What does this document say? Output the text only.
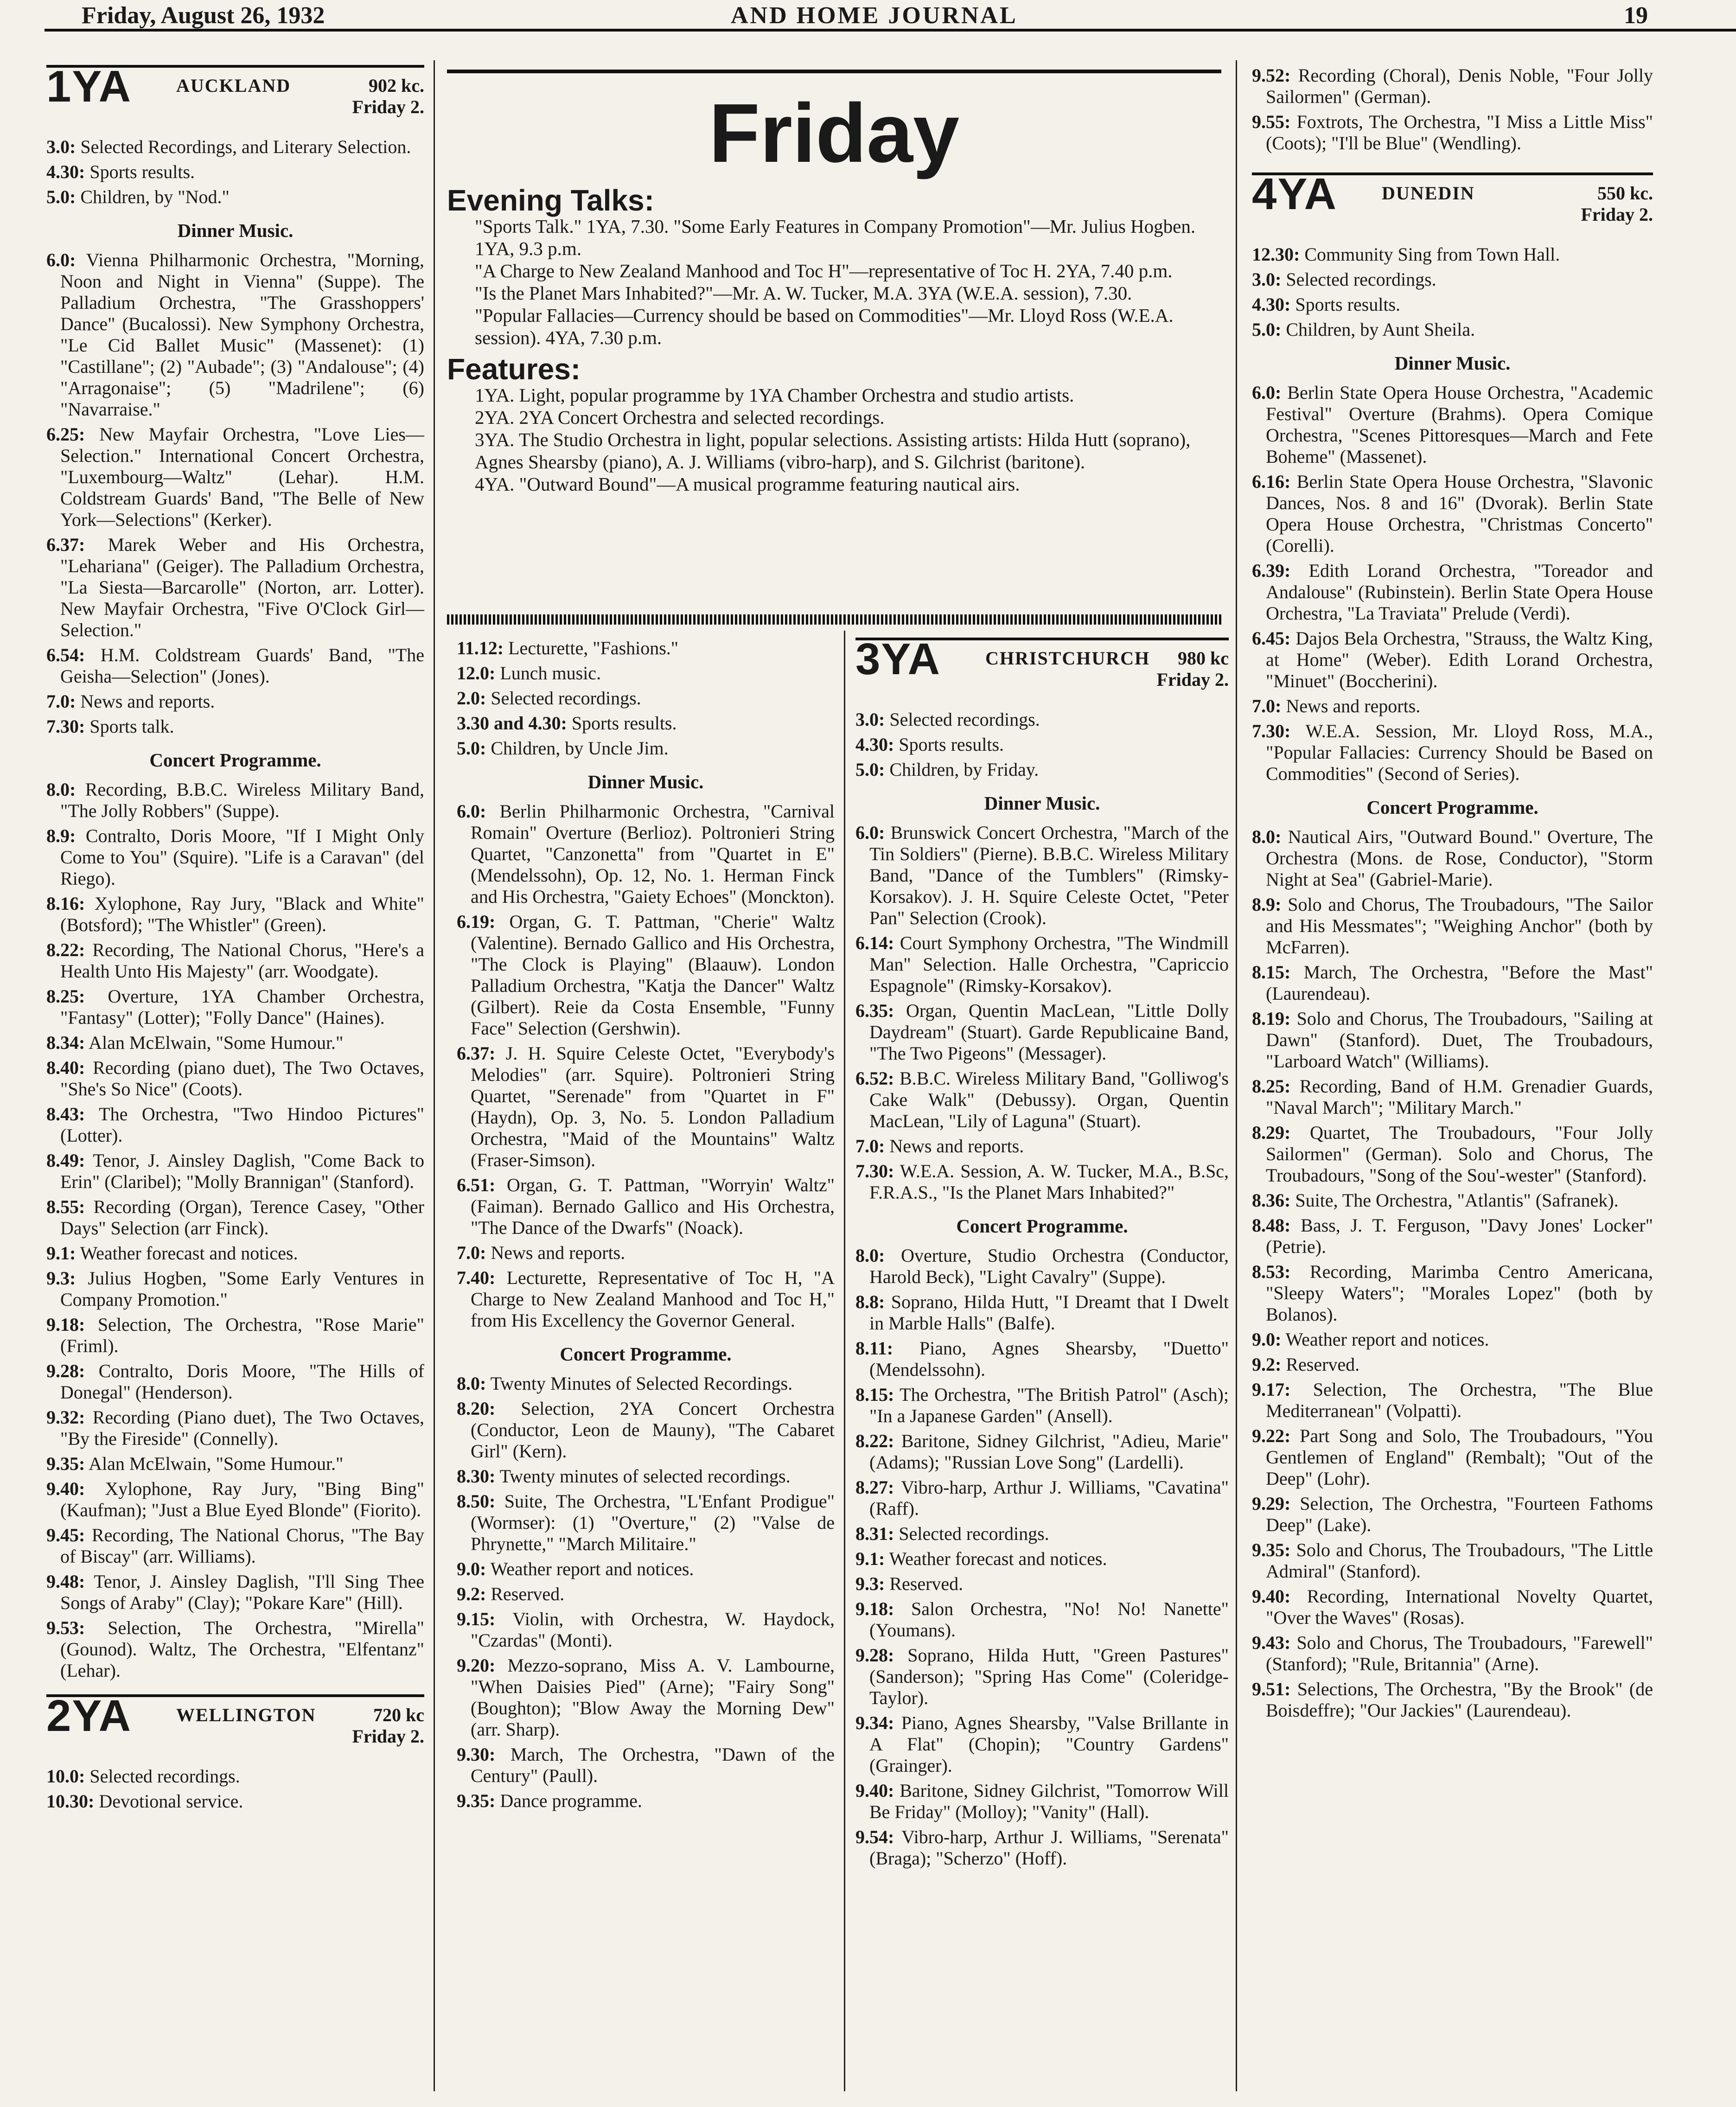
Friday, August 26, 1932	AND HOME JOURNAL	19
1YA AUCKLAND	902 kc.
Friday 2.

3.0: Selected Recordings, and Literary Selection.

4.30: Sports results.

5.0: Children, by "Nod."

Dinner Music.

6.0: Vienna Philharmonic Orchestra, "Morning, Noon and Night in Vienna" (Suppe). The Palladium Orchestra, "The Grasshoppers' Dance" (Bucalossi). New Symphony Orchestra, "Le Cid Ballet Music" (Massenet): (1) "Castillane"; (2) "Aubade"; (3) "Andalouse"; (4) "Arragonaise"; (5) "Madrilene"; (6) "Navarraise."

6.25: New Mayfair Orchestra, "Love Lies—Selection." International Concert Orchestra, "Luxembourg—Waltz" (Lehar). H.M. Coldstream Guards' Band, "The Belle of New York—Selections" (Kerker).

6.37: Marek Weber and His Orchestra, "Lehariana" (Geiger). The Palladium Orchestra, "La Siesta—Barcarolle" (Norton, arr. Lotter). New Mayfair Orchestra, "Five O'Clock Girl—Selection."

6.54: H.M. Coldstream Guards' Band, "The Geisha—Selection" (Jones).

7.0: News and reports.

7.30: Sports talk.

Concert Programme.

8.0: Recording, B.B.C. Wireless Military Band, "The Jolly Robbers" (Suppe).

8.9: Contralto, Doris Moore, "If I Might Only Come to You" (Squire). "Life is a Caravan" (del Riego).

8.16: Xylophone, Ray Jury, "Black and White" (Botsford); "The Whistler" (Green).

8.22: Recording, The National Chorus, "Here's a Health Unto His Majesty" (arr. Woodgate).

8.25: Overture, 1YA Chamber Orchestra, "Fantasy" (Lotter); "Folly Dance" (Haines).

8.34: Alan McElwain, "Some Humour."

8.40: Recording (piano duet), The Two Octaves, "She's So Nice" (Coots).

8.43: The Orchestra, "Two Hindoo Pictures" (Lotter).

8.49: Tenor, J. Ainsley Daglish, "Come Back to Erin" (Claribel); "Molly Brannigan" (Stanford).

8.55: Recording (Organ), Terence Casey, "Other Days" Selection (arr Finck).

9.1: Weather forecast and notices.

9.3: Julius Hogben, "Some Early Ventures in Company Promotion."

9.18: Selection, The Orchestra, "Rose Marie" (Friml).

9.28: Contralto, Doris Moore, "The Hills of Donegal" (Henderson).

9.32: Recording (Piano duet), The Two Octaves, "By the Fireside" (Connelly).

9.35: Alan McElwain, "Some Humour."

9.40: Xylophone, Ray Jury, "Bing Bing" (Kaufman); "Just a Blue Eyed Blonde" (Fiorito).

9.45: Recording, The National Chorus, "The Bay of Biscay" (arr. Williams).

9.48: Tenor, J. Ainsley Daglish, "I'll Sing Thee Songs of Araby" (Clay); "Pokare Kare" (Hill).

9.53: Selection, The Orchestra, "Mirella" (Gounod). Waltz, The Orchestra, "Elfentanz" (Lehar).

2YA WELLINGTON	720 kc
Friday 2.

10.0: Selected recordings.

10.30: Devotional service.

Friday
Evening Talks:

"Sports Talk." 1YA, 7.30. "Some Early Features in Company Promotion"—Mr. Julius Hogben. 1YA, 9.3 p.m.

"A Charge to New Zealand Manhood and Toc H"—representative of Toc H. 2YA, 7.40 p.m.

"Is the Planet Mars Inhabited?"—Mr. A. W. Tucker, M.A. 3YA (W.E.A. session), 7.30.

"Popular Fallacies—Currency should be based on Commodities"—Mr. Lloyd Ross (W.E.A. session). 4YA, 7.30 p.m.

Features:

1YA. Light, popular programme by 1YA Chamber Orchestra and studio artists.

2YA. 2YA Concert Orchestra and selected recordings.

3YA. The Studio Orchestra in light, popular selections. Assisting artists: Hilda Hutt (soprano), Agnes Shearsby (piano), A. J. Williams (vibro-harp), and S. Gilchrist (baritone).

4YA. "Outward Bound"—A musical programme featuring nautical airs.

11.12: Lecturette, "Fashions."

12.0: Lunch music.

2.0: Selected recordings.

3.30 and 4.30: Sports results.

5.0: Children, by Uncle Jim.

Dinner Music.

6.0: Berlin Philharmonic Orchestra, "Carnival Romain" Overture (Berlioz). Poltronieri String Quartet, "Canzonetta" from "Quartet in E" (Mendelssohn), Op. 12, No. 1. Herman Finck and His Orchestra, "Gaiety Echoes" (Monckton).

6.19: Organ, G. T. Pattman, "Cherie" Waltz (Valentine). Bernado Gallico and His Orchestra, "The Clock is Playing" (Blaauw). London Palladium Orchestra, "Katja the Dancer" Waltz (Gilbert). Reie da Costa Ensemble, "Funny Face" Selection (Gershwin).

6.37: J. H. Squire Celeste Octet, "Everybody's Melodies" (arr. Squire). Poltronieri String Quartet, "Serenade" from "Quartet in F" (Haydn), Op. 3, No. 5. London Palladium Orchestra, "Maid of the Mountains" Waltz (Fraser-Simson).

6.51: Organ, G. T. Pattman, "Worryin' Waltz" (Faiman). Bernado Gallico and His Orchestra, "The Dance of the Dwarfs" (Noack).

7.0: News and reports.

7.40: Lecturette, Representative of Toc H, "A Charge to New Zealand Manhood and Toc H," from His Excellency the Governor General.

Concert Programme.

8.0: Twenty Minutes of Selected Recordings.

8.20: Selection, 2YA Concert Orchestra (Conductor, Leon de Mauny), "The Cabaret Girl" (Kern).

8.30: Twenty minutes of selected recordings.

8.50: Suite, The Orchestra, "L'Enfant Prodigue" (Wormser): (1) "Overture," (2) "Valse de Phrynette," "March Militaire."

9.0: Weather report and notices.

9.2: Reserved.

9.15: Violin, with Orchestra, W. Haydock, "Czardas" (Monti).

9.20: Mezzo-soprano, Miss A. V. Lambourne, "When Daisies Pied" (Arne); "Fairy Song" (Boughton); "Blow Away the Morning Dew" (arr. Sharp).

9.30: March, The Orchestra, "Dawn of the Century" (Paull).

9.35: Dance programme.

3YA CHRISTCHURCH 980 kc
Friday 2.

3.0: Selected recordings.

4.30: Sports results.

5.0: Children, by Friday.

Dinner Music.

6.0: Brunswick Concert Orchestra, "March of the Tin Soldiers" (Pierne). B.B.C. Wireless Military Band, "Dance of the Tumblers" (Rimsky-Korsakov). J. H. Squire Celeste Octet, "Peter Pan" Selection (Crook).

6.14: Court Symphony Orchestra, "The Windmill Man" Selection. Halle Orchestra, "Capriccio Espagnole" (Rimsky-Korsakov).

6.35: Organ, Quentin MacLean, "Little Dolly Daydream" (Stuart). Garde Republicaine Band, "The Two Pigeons" (Messager).

6.52: B.B.C. Wireless Military Band, "Golliwog's Cake Walk" (Debussy). Organ, Quentin MacLean, "Lily of Laguna" (Stuart).

7.0: News and reports.

7.30: W.E.A. Session, A. W. Tucker, M.A., B.Sc, F.R.A.S., "Is the Planet Mars Inhabited?"

Concert Programme.

8.0: Overture, Studio Orchestra (Conductor, Harold Beck), "Light Cavalry" (Suppe).

8.8: Soprano, Hilda Hutt, "I Dreamt that I Dwelt in Marble Halls" (Balfe).

8.11: Piano, Agnes Shearsby, "Duetto" (Mendelssohn).

8.15: The Orchestra, "The British Patrol" (Asch); "In a Japanese Garden" (Ansell).

8.22: Baritone, Sidney Gilchrist, "Adieu, Marie" (Adams); "Russian Love Song" (Lardelli).

8.27: Vibro-harp, Arthur J. Williams, "Cavatina" (Raff).

8.31: Selected recordings.

9.1: Weather forecast and notices.

9.3: Reserved.

9.18: Salon Orchestra, "No! No! Nanette" (Youmans).

9.28: Soprano, Hilda Hutt, "Green Pastures" (Sanderson); "Spring Has Come" (Coleridge-Taylor).

9.34: Piano, Agnes Shearsby, "Valse Brillante in A Flat" (Chopin); "Country Gardens" (Grainger).

9.40: Baritone, Sidney Gilchrist, "Tomorrow Will Be Friday" (Molloy); "Vanity" (Hall).

9.54: Vibro-harp, Arthur J. Williams, "Serenata" (Braga); "Scherzo" (Hoff).

9.52: Recording (Choral), Denis Noble, "Four Jolly Sailormen" (German).

9.55: Foxtrots, The Orchestra, "I Miss a Little Miss" (Coots); "I'll be Blue" (Wendling).

4YA DUNEDIN	550 kc.
Friday 2.

12.30: Community Sing from Town Hall.

3.0: Selected recordings.

4.30: Sports results.

5.0: Children, by Aunt Sheila.

Dinner Music.

6.0: Berlin State Opera House Orchestra, "Academic Festival" Overture (Brahms). Opera Comique Orchestra, "Scenes Pittoresques—March and Fete Boheme" (Massenet).

6.16: Berlin State Opera House Orchestra, "Slavonic Dances, Nos. 8 and 16" (Dvorak). Berlin State Opera House Orchestra, "Christmas Concerto" (Corelli).

6.39: Edith Lorand Orchestra, "Toreador and Andalouse" (Rubinstein). Berlin State Opera House Orchestra, "La Traviata" Prelude (Verdi).

6.45: Dajos Bela Orchestra, "Strauss, the Waltz King, at Home" (Weber). Edith Lorand Orchestra, "Minuet" (Boccherini).

7.0: News and reports.

7.30: W.E.A. Session, Mr. Lloyd Ross, M.A., "Popular Fallacies: Currency Should be Based on Commodities" (Second of Series).

Concert Programme.

8.0: Nautical Airs, "Outward Bound." Overture, The Orchestra (Mons. de Rose, Conductor), "Storm Night at Sea" (Gabriel-Marie).

8.9: Solo and Chorus, The Troubadours, "The Sailor and His Messmates"; "Weighing Anchor" (both by McFarren).

8.15: March, The Orchestra, "Before the Mast" (Laurendeau).

8.19: Solo and Chorus, The Troubadours, "Sailing at Dawn" (Stanford). Duet, The Troubadours, "Larboard Watch" (Williams).

8.25: Recording, Band of H.M. Grenadier Guards, "Naval March"; "Military March."

8.29: Quartet, The Troubadours, "Four Jolly Sailormen" (German). Solo and Chorus, The Troubadours, "Song of the Sou'-wester" (Stanford).

8.36: Suite, The Orchestra, "Atlantis" (Safranek).

8.48: Bass, J. T. Ferguson, "Davy Jones' Locker" (Petrie).

8.53: Recording, Marimba Centro Americana, "Sleepy Waters"; "Morales Lopez" (both by Bolanos).

9.0: Weather report and notices.

9.2: Reserved.

9.17: Selection, The Orchestra, "The Blue Mediterranean" (Volpatti).

9.22: Part Song and Solo, The Troubadours, "You Gentlemen of England" (Rembalt); "Out of the Deep" (Lohr).

9.29: Selection, The Orchestra, "Fourteen Fathoms Deep" (Lake).

9.35: Solo and Chorus, The Troubadours, "The Little Admiral" (Stanford).

9.40: Recording, International Novelty Quartet, "Over the Waves" (Rosas).

9.43: Solo and Chorus, The Troubadours, "Farewell" (Stanford); "Rule, Britannia" (Arne).

9.51: Selections, The Orchestra, "By the Brook" (de Boisdeffre); "Our Jackies" (Laurendeau).
